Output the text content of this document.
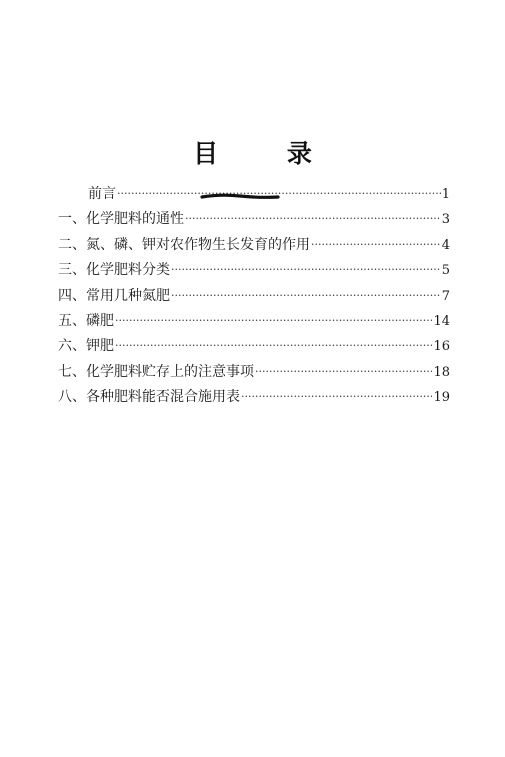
目 录
前言 ·····	1
一、 化学肥料的通性 ·····	3
二、 氮、磷、钾对农作物生长发育的作用 ·····	4
三、 化学肥料分类 ·····	5
四、 常用几种氮肥 ·····	7
五、 磷肥 ·····	14
六、 钾肥 ·····	16
七、 化学肥料贮存上的注意事项 ·····	18
八、 各种肥料能否混合施用表 ·····	19
